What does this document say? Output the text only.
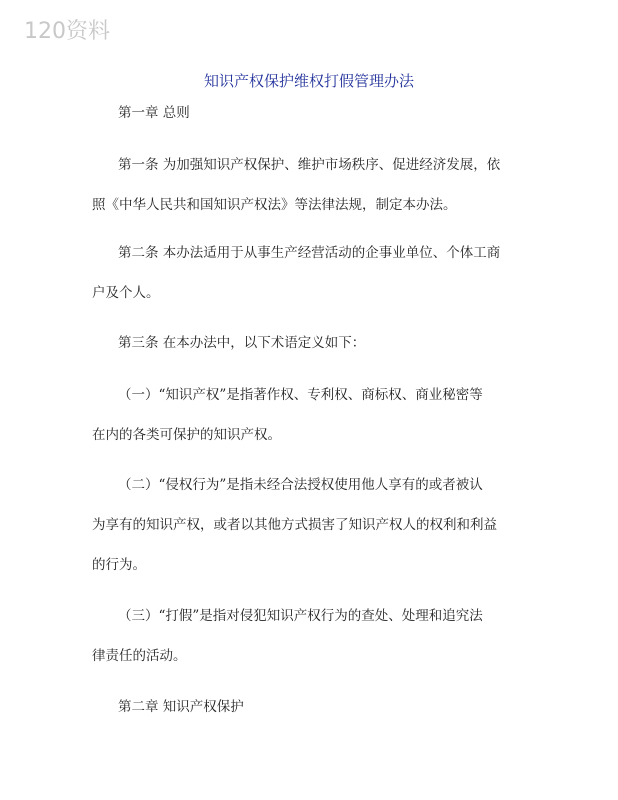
120资料
知识产权保护维权打假管理办法
第一章 总则
第一条 为加强知识产权保护、维护市场秩序、促进经济发展，依
照《中华人民共和国知识产权法》等法律法规，制定本办法。
第二条 本办法适用于从事生产经营活动的企事业单位、个体工商
户及个人。
第三条 在本办法中，以下术语定义如下：
（一）“知识产权”是指著作权、专利权、商标权、商业秘密等
在内的各类可保护的知识产权。
（二）“侵权行为”是指未经合法授权使用他人享有的或者被认
为享有的知识产权，或者以其他方式损害了知识产权人的权利和利益
的行为。
（三）“打假”是指对侵犯知识产权行为的查处、处理和追究法
律责任的活动。
第二章 知识产权保护
